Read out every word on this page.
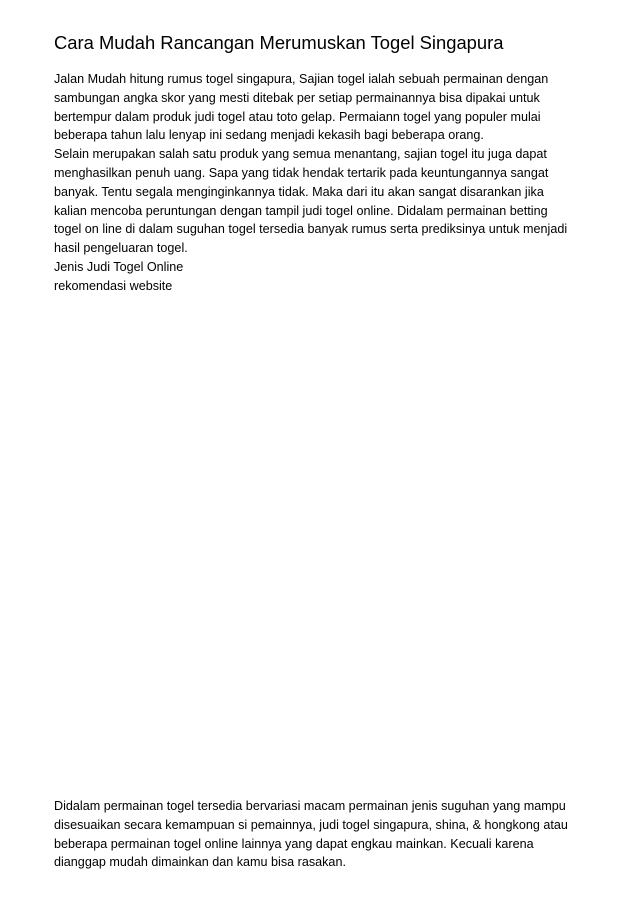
Cara Mudah Rancangan Merumuskan Togel Singapura
Jalan Mudah hitung rumus togel singapura, Sajian togel ialah sebuah permainan dengan
sambungan angka skor yang mesti ditebak per setiap permainannya bisa dipakai untuk
bertempur dalam produk judi togel atau toto gelap. Permaiann togel yang populer mulai
beberapa tahun lalu lenyap ini sedang menjadi kekasih bagi beberapa orang.
Selain merupakan salah satu produk yang semua menantang, sajian togel itu juga dapat
menghasilkan penuh uang. Sapa yang tidak hendak tertarik pada keuntungannya sangat
banyak. Tentu segala menginginkannya tidak. Maka dari itu akan sangat disarankan jika
kalian mencoba peruntungan dengan tampil judi togel online. Didalam permainan betting
togel on line di dalam suguhan togel tersedia banyak rumus serta prediksinya untuk menjadi
hasil pengeluaran togel.
Jenis Judi Togel Online
rekomendasi website
Didalam permainan togel tersedia bervariasi macam permainan jenis suguhan yang mampu
disesuaikan secara kemampuan si pemainnya, judi togel singapura, shina, & hongkong atau
beberapa permainan togel online lainnya yang dapat engkau mainkan. Kecuali karena
dianggap mudah dimainkan dan kamu bisa rasakan.
